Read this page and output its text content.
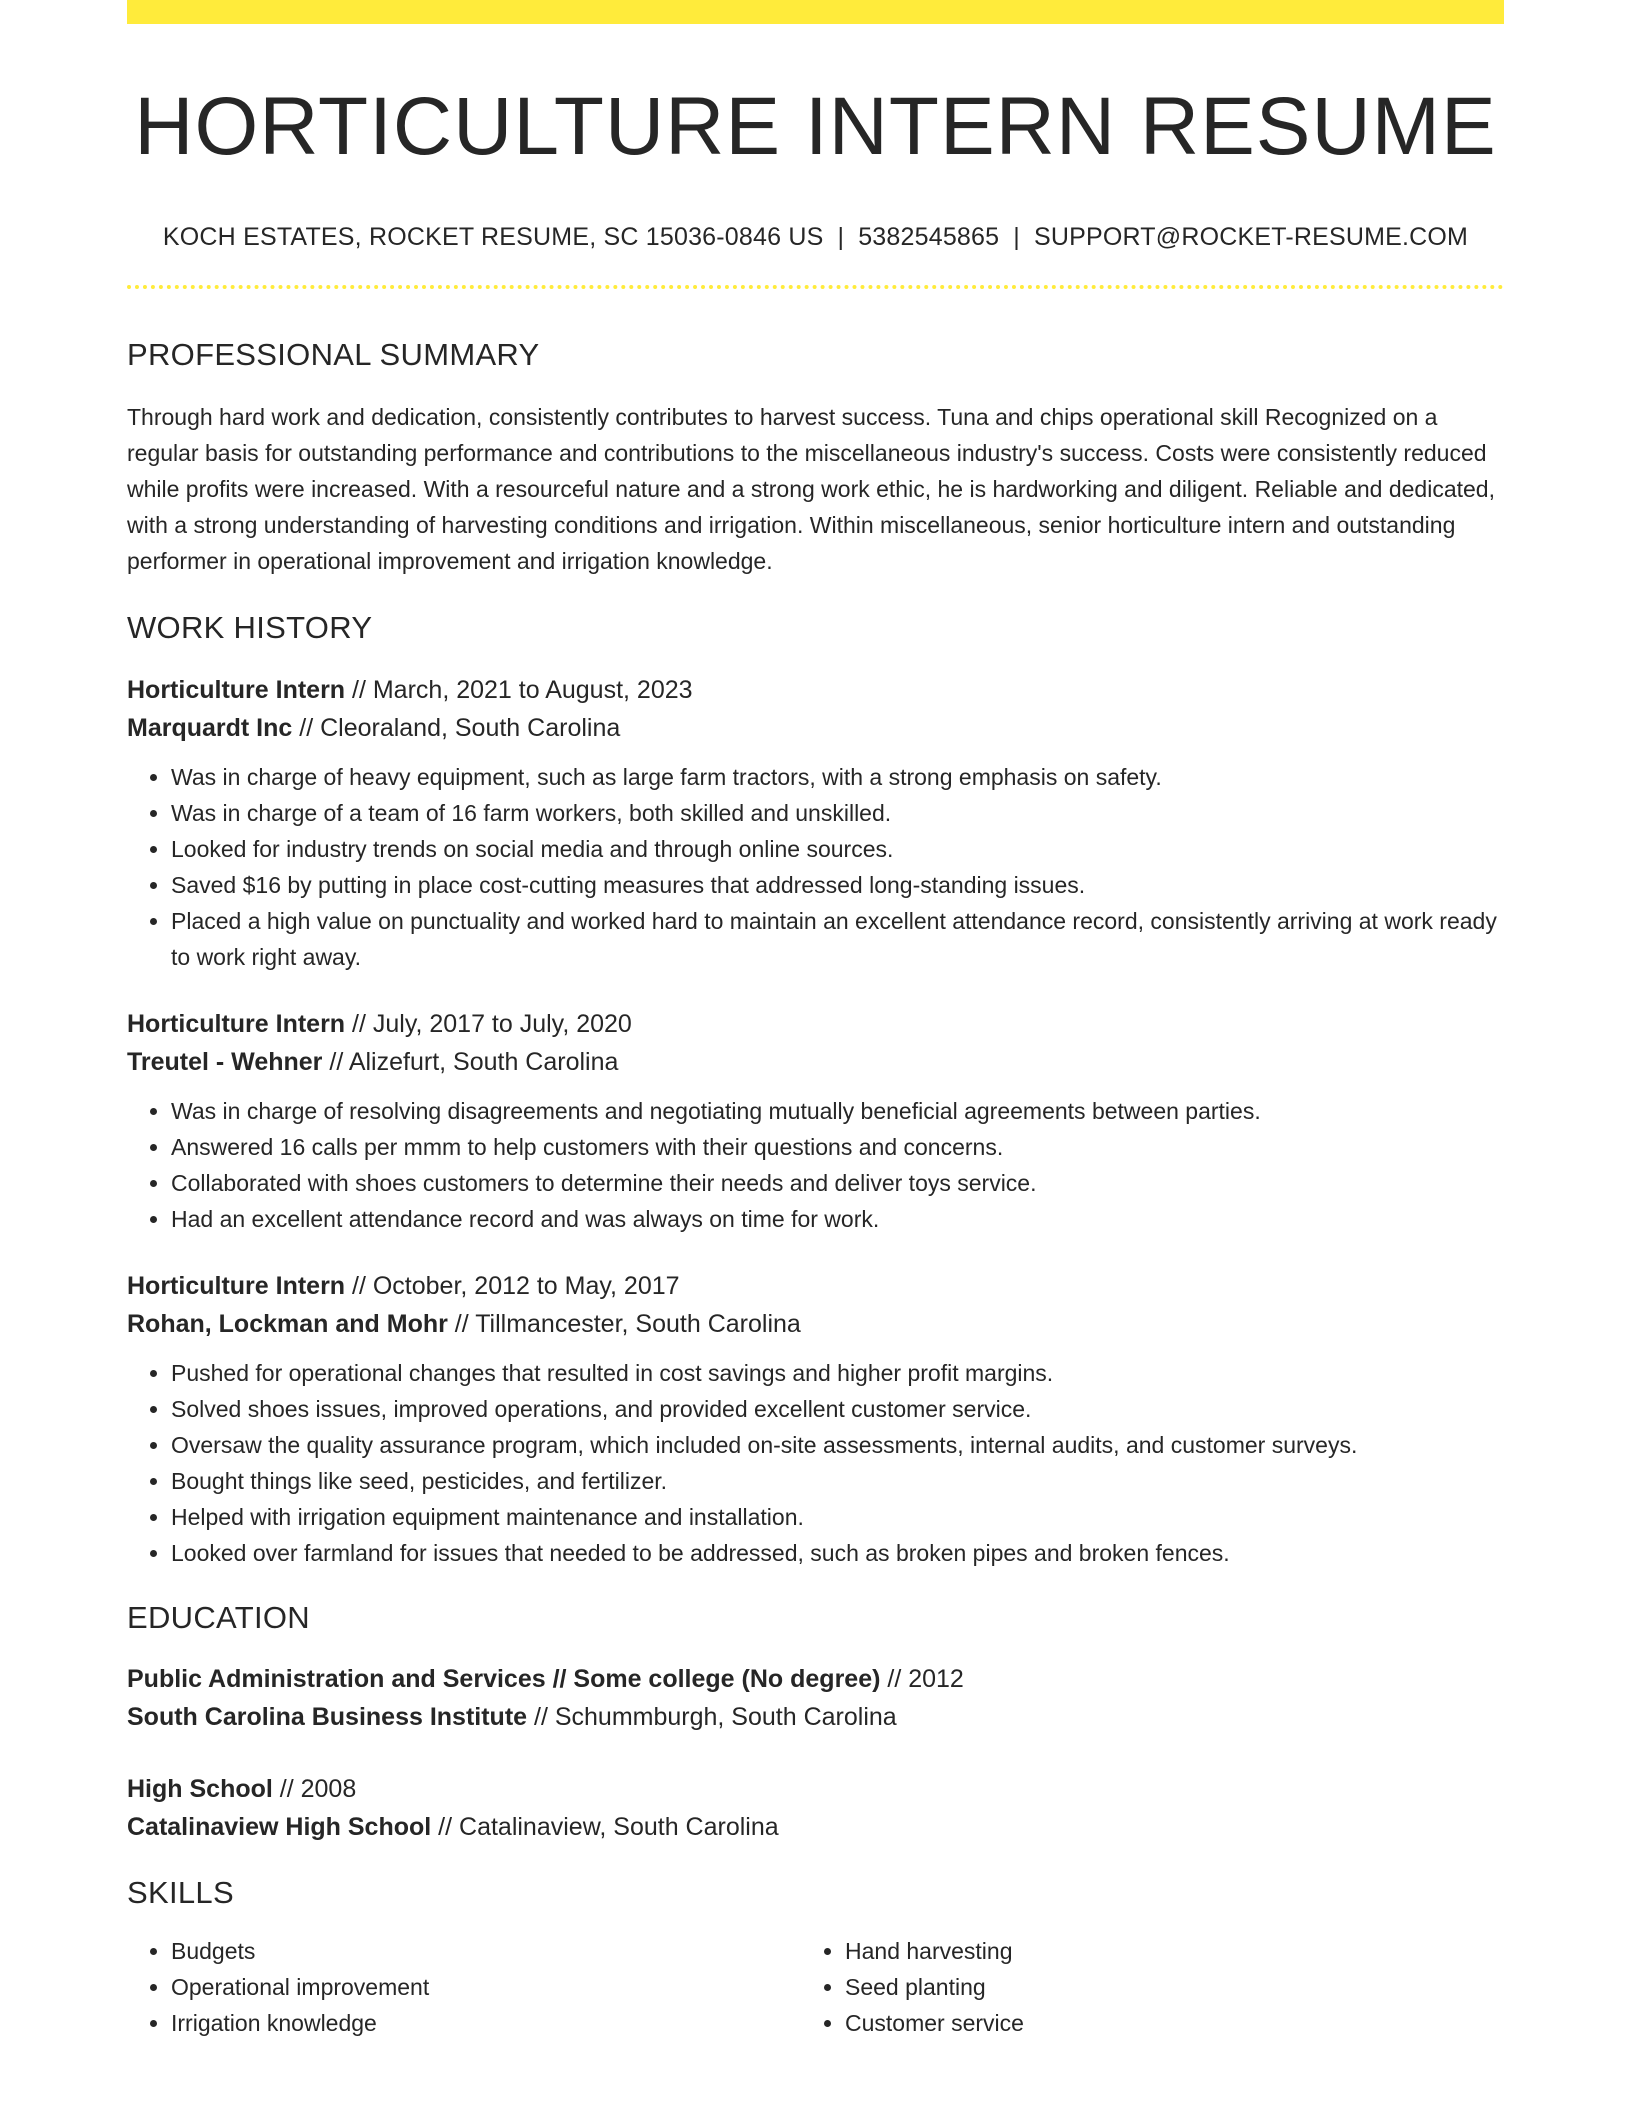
HORTICULTURE INTERN RESUME
KOCH ESTATES, ROCKET RESUME, SC 15036-0846 US | 5382545865 | SUPPORT@ROCKET-RESUME.COM
PROFESSIONAL SUMMARY
Through hard work and dedication, consistently contributes to harvest success. Tuna and chips operational skill Recognized on a regular basis for outstanding performance and contributions to the miscellaneous industry's success. Costs were consistently reduced while profits were increased. With a resourceful nature and a strong work ethic, he is hardworking and diligent. Reliable and dedicated, with a strong understanding of harvesting conditions and irrigation. Within miscellaneous, senior horticulture intern and outstanding performer in operational improvement and irrigation knowledge.
WORK HISTORY
Horticulture Intern // March, 2021 to August, 2023
Marquardt Inc // Cleoraland, South Carolina
• Was in charge of heavy equipment, such as large farm tractors, with a strong emphasis on safety.
• Was in charge of a team of 16 farm workers, both skilled and unskilled.
• Looked for industry trends on social media and through online sources.
• Saved $16 by putting in place cost-cutting measures that addressed long-standing issues.
• Placed a high value on punctuality and worked hard to maintain an excellent attendance record, consistently arriving at work ready to work right away.
Horticulture Intern // July, 2017 to July, 2020
Treutel - Wehner // Alizefurt, South Carolina
• Was in charge of resolving disagreements and negotiating mutually beneficial agreements between parties.
• Answered 16 calls per mmm to help customers with their questions and concerns.
• Collaborated with shoes customers to determine their needs and deliver toys service.
• Had an excellent attendance record and was always on time for work.
Horticulture Intern // October, 2012 to May, 2017
Rohan, Lockman and Mohr // Tillmancester, South Carolina
• Pushed for operational changes that resulted in cost savings and higher profit margins.
• Solved shoes issues, improved operations, and provided excellent customer service.
• Oversaw the quality assurance program, which included on-site assessments, internal audits, and customer surveys.
• Bought things like seed, pesticides, and fertilizer.
• Helped with irrigation equipment maintenance and installation.
• Looked over farmland for issues that needed to be addressed, such as broken pipes and broken fences.
EDUCATION
Public Administration and Services // Some college (No degree) // 2012
South Carolina Business Institute // Schummburgh, South Carolina
High School // 2008
Catalinaview High School // Catalinaview, South Carolina
SKILLS
• Budgets
• Operational improvement
• Irrigation knowledge
• Hand harvesting
• Seed planting
• Customer service
